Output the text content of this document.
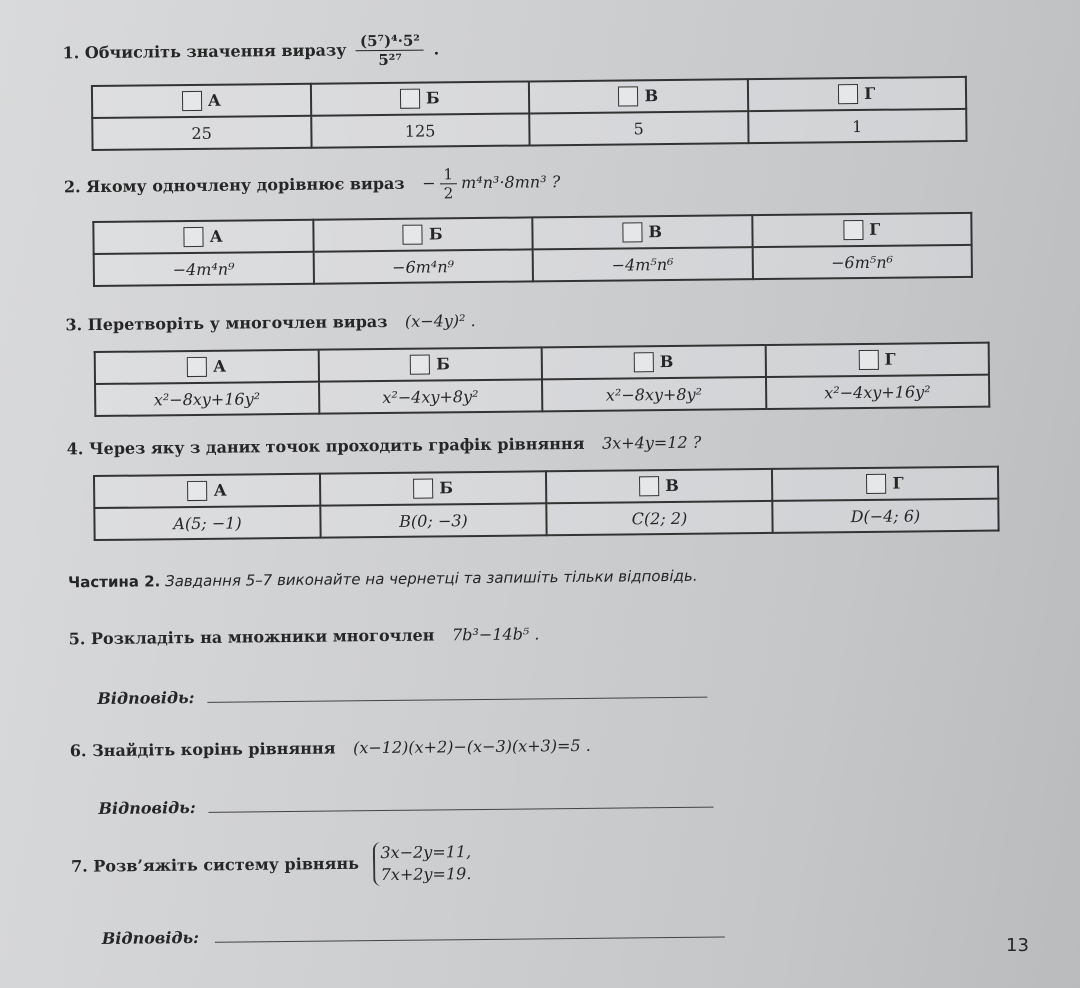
1. Обчисліть значення виразу $\frac{\text{(5⁷)⁴·5²}}{\text{5²⁷}}$ .
А	Б	В	Г
25	125	5	1
2. Якому одночлену дорівнює вираз − $\frac{1}{2} m^4n^3\cdot 8mn^3$ ?
А	Б	В	Г
−4m⁴n⁹	−6m⁴n⁹	−4m⁵n⁶	−6m⁵n⁶
3. Перетворіть у многочлен вираз (x−4y)² .
А	Б	В	Г
x²−8xy+16y²	x²−4xy+8y²	x²−8xy+8y²	x²−4xy+16y²
4. Через яку з даних точок проходить графік рівняння 3x+4y=12 ?
А	Б	В	Г
A(5; −1)	B(0; −3)	C(2; 2)	D(−4; 6)
Частина 2. Завдання 5–7 виконайте на чернетці та запишіть тільки відповідь.
5. Розкладіть на множники многочлен 7b³−14b⁵ .
Відповідь:
6. Знайдіть корінь рівняння (x−12)(x+2)−(x−3)(x+3)=5 .
Відповідь:
7. Розв’яжіть систему рівнянь
3x−2y=11,
7x+2y=19.
Відповідь:	13
